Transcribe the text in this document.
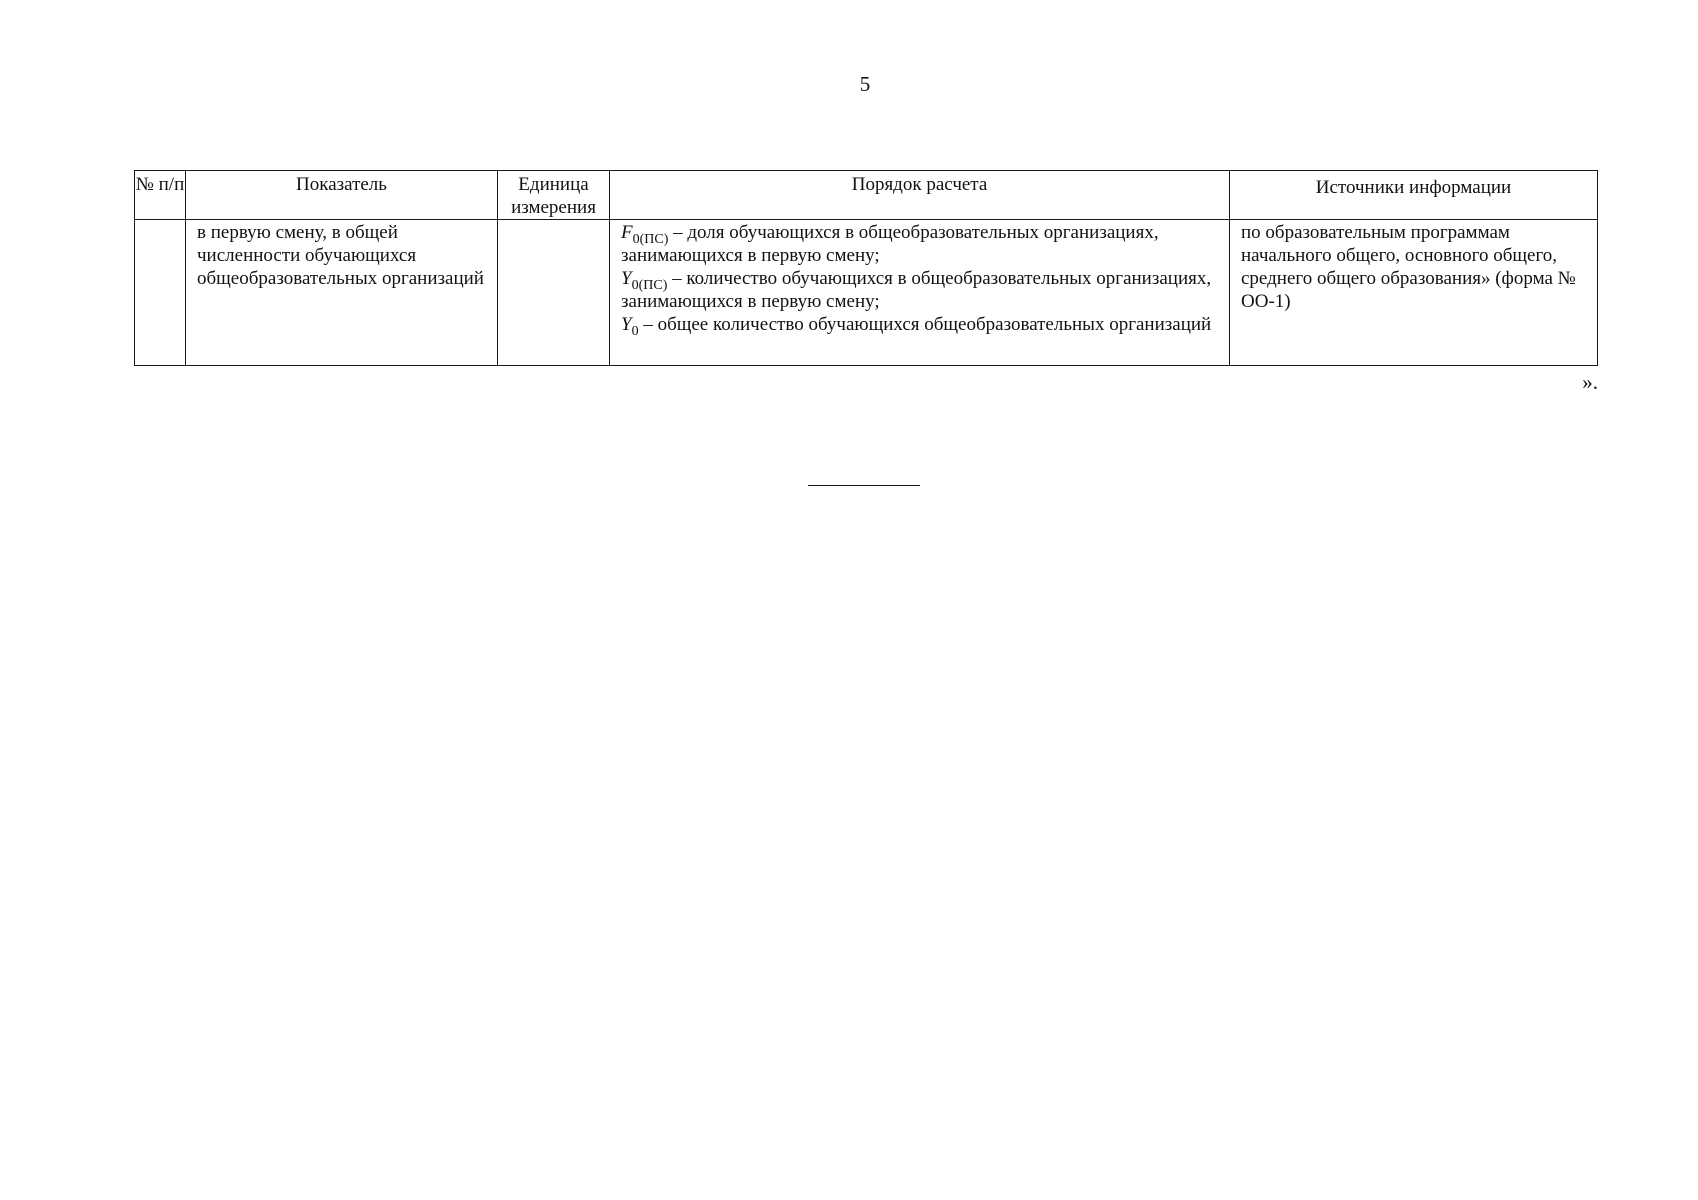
5
№ п/п	Показатель	Единица измерения	Порядок расчета	Источники информации

	в первую смену, в общей численности обучающихся общеобразовательных организаций		$F_{0(ПС)}$ – доля обучающихся в общеобразовательных организациях, занимающихся в первую смену;
$Y_{0(ПС)}$ – количество обучающихся в общеобразовательных организациях, занимающихся в первую смену;
$Y_0$ – общее количество обучающихся общеобразовательных организаций	по образовательным программам начального общего, основного общего, среднего общего образования» (форма № ОО-1)
».
